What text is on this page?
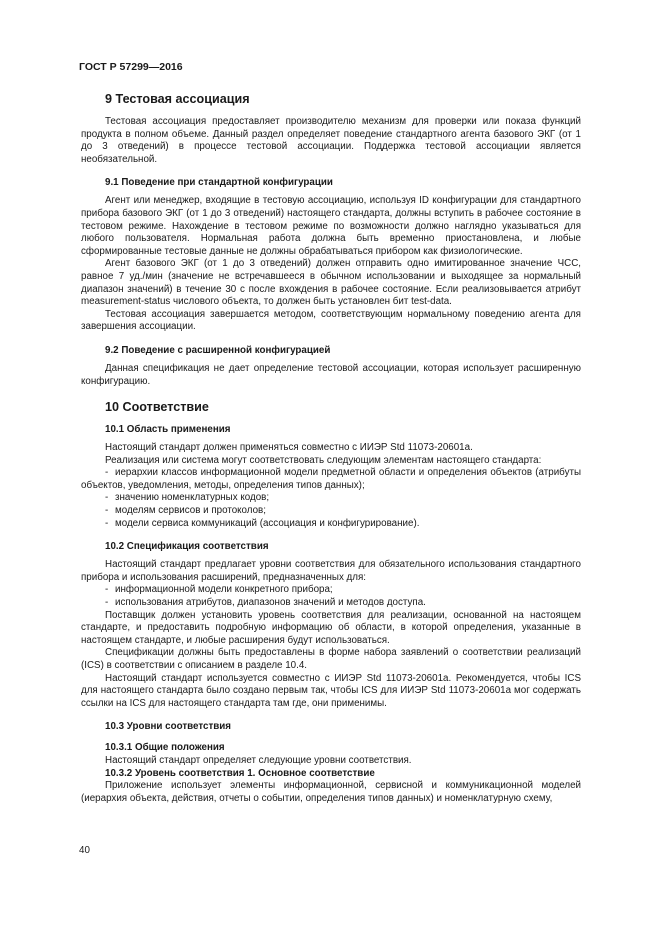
ГОСТ Р 57299—2016

9 Тестовая ассоциация

Тестовая ассоциация предоставляет производителю механизм для проверки или показа функций продукта в полном объеме. Данный раздел определяет поведение стандартного агента базового ЭКГ (от 1 до 3 отведений) в процессе тестовой ассоциации. Поддержка тестовой ассоциации является необязательной.

9.1 Поведение при стандартной конфигурации

Агент или менеджер, входящие в тестовую ассоциацию, используя ID конфигурации для стандартного прибора базового ЭКГ (от 1 до 3 отведений) настоящего стандарта, должны вступить в рабочее состояние в тестовом режиме. Нахождение в тестовом режиме по возможности должно наглядно указываться для любого пользователя. Нормальная работа должна быть временно приостановлена, и любые сформированные тестовые данные не должны обрабатываться прибором как физиологические.

Агент базового ЭКГ (от 1 до 3 отведений) должен отправить одно имитированное значение ЧСС, равное 7 уд./мин (значение не встречавшееся в обычном использовании и выходящее за нормальный диапазон значений) в течение 30 с после вхождения в рабочее состояние. Если реализовывается атрибут measurement-status числового объекта, то должен быть установлен бит test-data.

Тестовая ассоциация завершается методом, соответствующим нормальному поведению агента для завершения ассоциации.

9.2 Поведение с расширенной конфигурацией

Данная спецификация не дает определение тестовой ассоциации, которая использует расширенную конфигурацию.

10 Соответствие
10.1 Область применения

Настоящий стандарт должен применяться совместно с ИИЭР Std 11073-20601a.

Реализация или система могут соответствовать следующим элементам настоящего стандарта:

- иерархии классов информационной модели предметной области и определения объектов (атрибуты объектов, уведомления, методы, определения типов данных);
- значению номенклатурных кодов;
- моделям сервисов и протоколов;
- модели сервиса коммуникаций (ассоциация и конфигурирование).
10.2 Спецификация соответствия

Настоящий стандарт предлагает уровни соответствия для обязательного использования стандартного прибора и использования расширений, предназначенных для:

- информационной модели конкретного прибора;
- использования атрибутов, диапазонов значений и методов доступа.

Поставщик должен установить уровень соответствия для реализации, основанной на настоящем стандарте, и предоставить подробную информацию об области, в которой определения, указанные в настоящем стандарте, и любые расширения будут использоваться.

Спецификации должны быть предоставлены в форме набора заявлений о соответствии реализаций (ICS) в соответствии с описанием в разделе 10.4.

Настоящий стандарт используется совместно с ИИЭР Std 11073-20601a. Рекомендуется, чтобы ICS для настоящего стандарта было создано первым так, чтобы ICS для ИИЭР Std 11073-20601a мог содержать ссылки на ICS для настоящего стандарта там где, они применимы.

10.3 Уровни соответствия
10.3.1 Общие положения

Настоящий стандарт определяет следующие уровни соответствия.

10.3.2 Уровень соответствия 1. Основное соответствие

Приложение использует элементы информационной, сервисной и коммуникационной моделей (иерархия объекта, действия, отчеты о событии, определения типов данных) и номенклатурную схему,

40
